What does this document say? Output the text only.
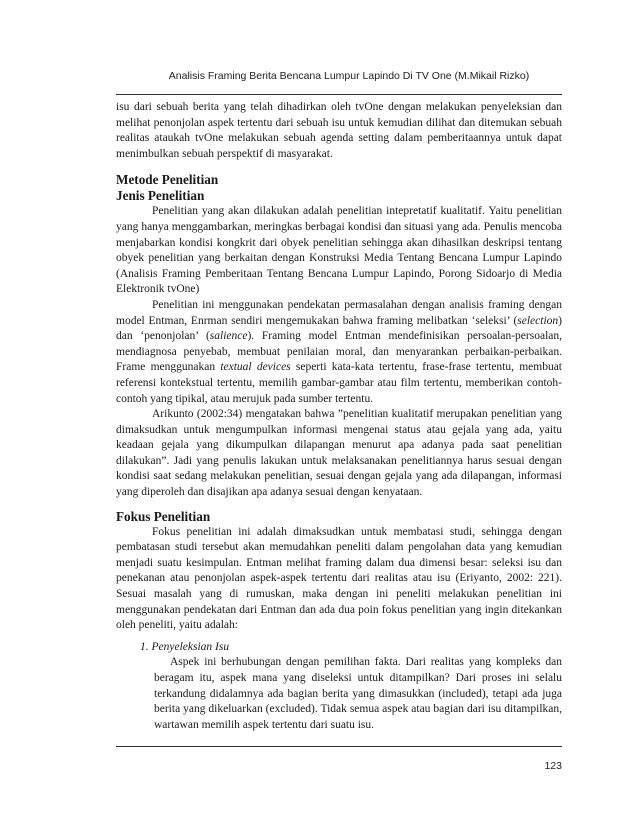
Analisis Framing Berita Bencana Lumpur Lapindo Di TV One (M.Mikail Rizko)

isu dari sebuah berita yang telah dihadirkan oleh tvOne dengan melakukan penyeleksian dan melihat penonjolan aspek tertentu dari sebuah isu untuk kemudian dilihat dan ditemukan sebuah realitas ataukah tvOne melakukan sebuah agenda setting dalam pemberitaannya untuk dapat menimbulkan sebuah perspektif di masyarakat.

Metode Penelitian
Jenis Penelitian

Penelitian yang akan dilakukan adalah penelitian intepretatif kualitatif. Yaitu penelitian yang hanya menggambarkan, meringkas berbagai kondisi dan situasi yang ada. Penulis mencoba menjabarkan kondisi kongkrit dari obyek penelitian sehingga akan dihasilkan deskripsi tentang obyek penelitian yang berkaitan dengan Konstruksi Media Tentang Bencana Lumpur Lapindo (Analisis Framing Pemberitaan Tentang Bencana Lumpur Lapindo, Porong Sidoarjo di Media Elektronik tvOne)

Penelitian ini menggunakan pendekatan permasalahan dengan analisis framing dengan model Entman, Enrman sendiri mengemukakan bahwa framing melibatkan ‘seleksi’ (selection) dan ‘penonjolan’ (salience). Framing model Entman mendefinisikan persoalan-persoalan, mendiagnosa penyebab, membuat penilaian moral, dan menyarankan perbaikan-perbaikan. Frame menggunakan textual devices seperti kata-kata tertentu, frase-frase tertentu, membuat referensi kontekstual tertentu, memilih gambar-gambar atau film tertentu, memberikan contoh-contoh yang tipikal, atau merujuk pada sumber tertentu.

Arikunto (2002:34) mengatakan bahwa ”penelitian kualitatif merupakan penelitian yang dimaksudkan untuk mengumpulkan informasi mengenai status atau gejala yang ada, yaitu keadaan gejala yang dikumpulkan dilapangan menurut apa adanya pada saat penelitian dilakukan”. Jadi yang penulis lakukan untuk melaksanakan penelitiannya harus sesuai dengan kondisi saat sedang melakukan penelitian, sesuai dengan gejala yang ada dilapangan, informasi yang diperoleh dan disajikan apa adanya sesuai dengan kenyataan.

Fokus Penelitian

Fokus penelitian ini adalah dimaksudkan untuk membatasi studi, sehingga dengan pembatasan studi tersebut akan memudahkan peneliti dalam pengolahan data yang kemudian menjadi suatu kesimpulan. Entman melihat framing dalam dua dimensi besar: seleksi isu dan penekanan atau penonjolan aspek-aspek tertentu dari realitas atau isu (Eriyanto, 2002: 221). Sesuai masalah yang di rumuskan, maka dengan ini peneliti melakukan penelitian ini menggunakan pendekatan dari Entman dan ada dua poin fokus penelitian yang ingin ditekankan oleh peneliti, yaitu adalah:

1. Penyeleksian Isu

Aspek ini berhubungan dengan pemilihan fakta. Dari realitas yang kompleks dan beragam itu, aspek mana yang diseleksi untuk ditampilkan? Dari proses ini selalu terkandung didalamnya ada bagian berita yang dimasukkan (included), tetapi ada juga berita yang dikeluarkan (excluded). Tidak semua aspek atau bagian dari isu ditampilkan, wartawan memilih aspek tertentu dari suatu isu.

123
